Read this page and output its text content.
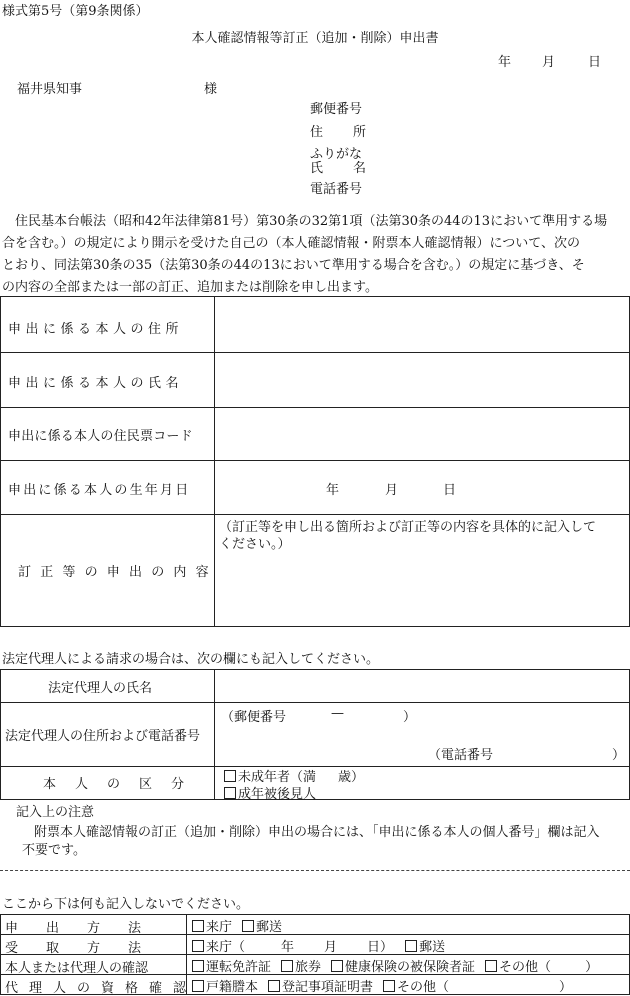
様式第5号（第9条関係）
本人確認情報等訂正（追加・削除）申出書
年 月	日
福井県知事	様
郵便番号
住 所
ふりがな
氏 名
電話番号

住民基本台帳法（昭和42年法律第81号）第30条の32第1項（法第30条の44の13において準用する場

合を含む。）の規定により開示を受けた自己の（本人確認情報・附票本人確認情報）について、次の

とおり、同法第30条の35（法第30条の44の13において準用する場合を含む。）の規定に基づき、そ

の内容の全部または一部の訂正、追加または削除を申し出ます。

申出に係る本人の住所
申出に係る本人の氏名
申出に係る本人の住民票コード
申出に係る本人の生年月日	年	月	日
訂正等の申出の内容
（訂正等を申し出る箇所および訂正等の内容を具体的に記入して
ください。）
法定代理人による請求の場合は、次の欄にも記入してください。
法定代理人の氏名
法定代理人の住所および電話番号
（郵便番号	—	）
（電話番号	）
本人の区分	未成年者（満 歳）
成年被後見人
記入上の注意
附票本人確認情報の訂正（追加・削除）申出の場合には、「申出に係る本人の個人番号」欄は記入
不要です。
ここから下は何も記入しないでください。
申出方法	来庁 郵送
受取方法	来庁（	年 月 日） 郵送
本人または代理人の確認	運転免許証 旅券 健康保険の被保険者証 その他（	）
代理人の資格確認 戸籍謄本 登記事項証明書 その他（	）
